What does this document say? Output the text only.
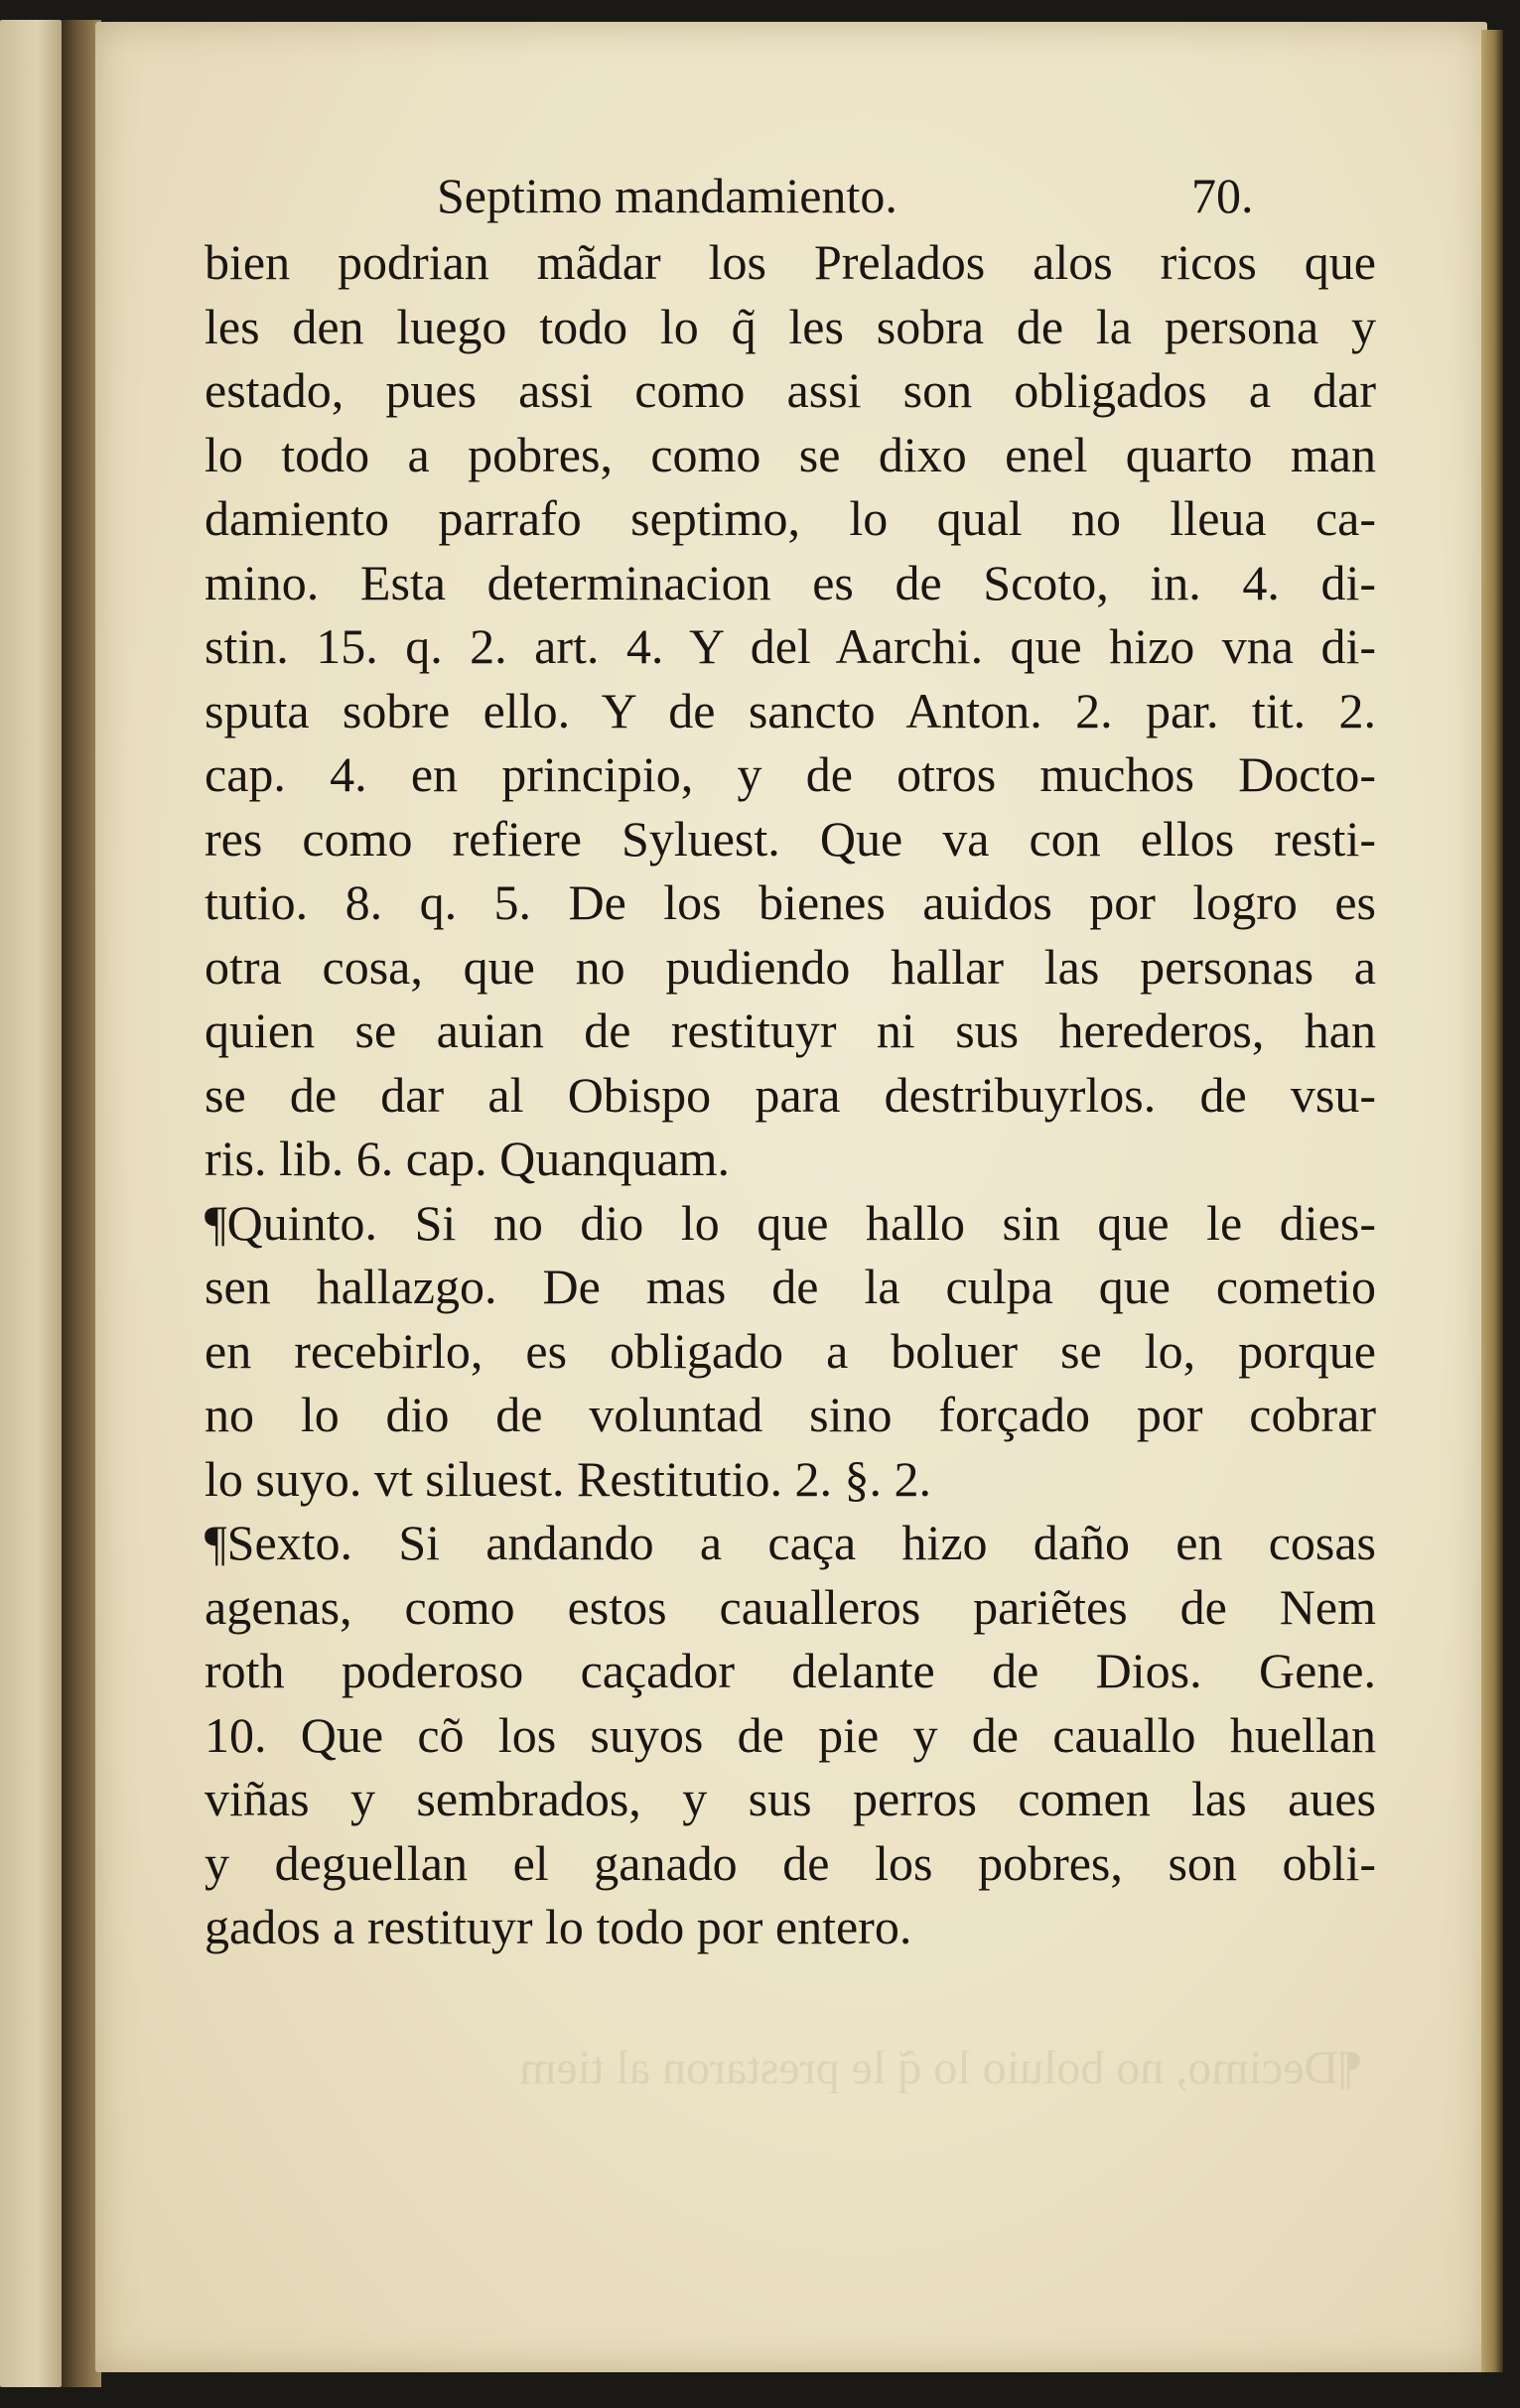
Septimo mandamiento.	70.
bien podrian mãdar los Prelados alos ricos que
les den luego todo lo q̃ les sobra de la persona y
estado, pues assi como assi son obligados a dar
lo todo a pobres, como se dixo enel quarto man
damiento parrafo septimo, lo qual no lleua ca-
mino. Esta determinacion es de Scoto, in. 4. di-
stin. 15. q. 2. art. 4. Y del Aarchi. que hizo vna di-
sputa sobre ello. Y de sancto Anton. 2. par. tit. 2.
cap. 4. en principio, y de otros muchos Docto-
res como refiere Syluest. Que va con ellos resti-
tutio. 8. q. 5. De los bienes auidos por logro es
otra cosa, que no pudiendo hallar las personas a
quien se auian de restituyr ni sus herederos, han
se de dar al Obispo para destribuyrlos. de vsu-
ris. lib. 6. cap. Quanquam.
¶Quinto. Si no dio lo que hallo sin que le dies-
sen hallazgo. De mas de la culpa que cometio
en recebirlo, es obligado a boluer se lo, porque
no lo dio de voluntad sino forçado por cobrar
lo suyo. vt siluest. Restitutio. 2. §. 2.
¶Sexto. Si andando a caça hizo daño en cosas
agenas, como estos caualleros pariẽtes de Nem
roth poderoso caçador delante de Dios. Gene.
10. Que cõ los suyos de pie y de cauallo huellan
viñas y sembrados, y sus perros comen las aues
y deguellan el ganado de los pobres, son obli-
gados a restituyr lo todo por entero.
¶Decimo, no boluio lo q̃ le prestaron al tiem
